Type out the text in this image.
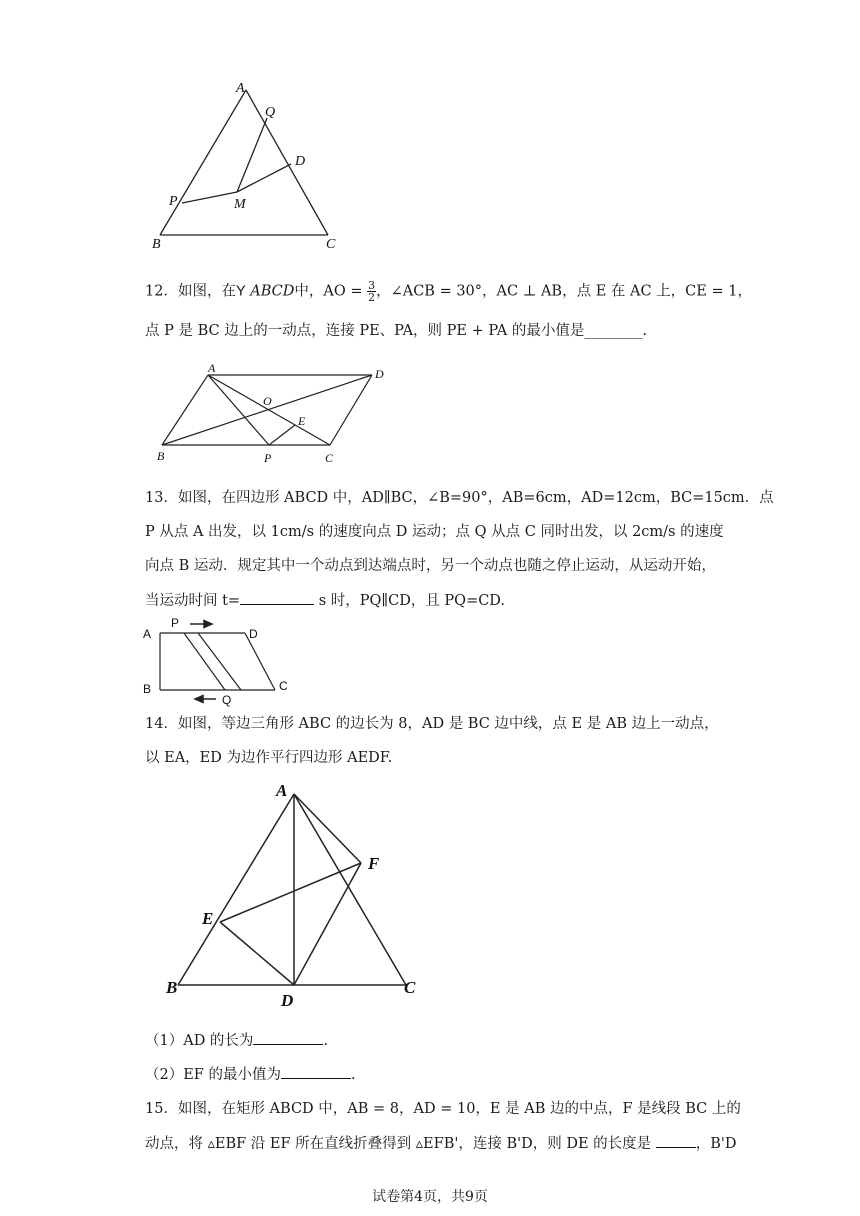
A
Q
D
P	M
B	C
12．如图，在Y ABCD中，AO = $\frac{3}{2}$ ，∠ACB = 30°，AC ⊥ AB，点 E 在 AC 上，CE = 1，
点 P 是 BC 边上的一动点，连接 PE、PA，则 PE + PA 的最小值是________.
A	D
O
E
B	P	C
13．如图，在四边形 ABCD 中，AD∥BC，∠B=90°，AB=6cm，AD=12cm，BC=15cm．点
P 从点 A 出发，以 1cm/s 的速度向点 D 运动；点 Q 从点 C 同时出发，以 2cm/s 的速度
向点 B 运动．规定其中一个动点到达端点时，另一个动点也随之停止运动，从运动开始，
当运动时间 t=	s 时，PQ∥CD，且 PQ=CD.
A
P
D
B
Q
C
14．如图，等边三角形 ABC 的边长为 8，AD 是 BC 边中线，点 E 是 AB 边上一动点，
以 EA，ED 为边作平行四边形 AEDF.
A
F
E
B
D
C
（1）AD 的长为	.
（2）EF 的最小值为	.
15．如图，在矩形 ABCD 中，AB = 8，AD = 10，E 是 AB 边的中点，F 是线段 BC 上的
动点，将 ▵EBF 沿 EF 所在直线折叠得到 ▵EFB'，连接 B'D，则 DE 的长度是	，B'D
试卷第4页，共9页
